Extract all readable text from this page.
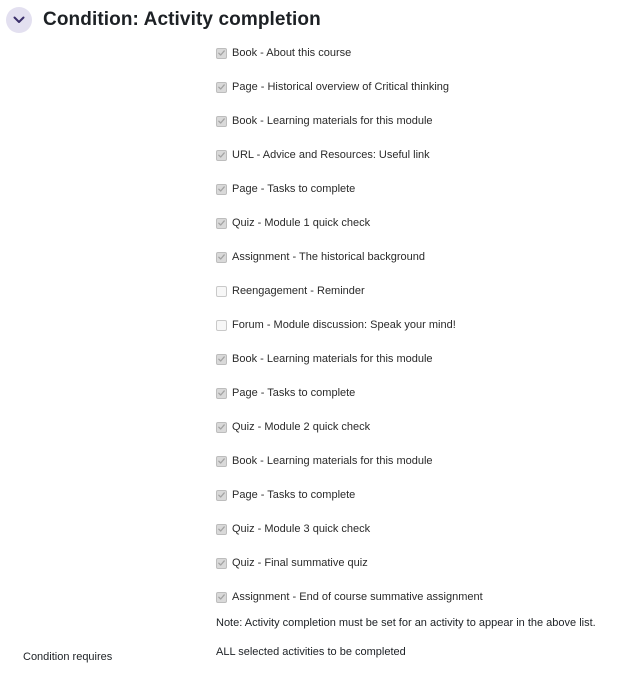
Condition: Activity completion
Book - About this course
Page - Historical overview of Critical thinking
Book - Learning materials for this module
URL - Advice and Resources: Useful link
Page - Tasks to complete
Quiz - Module 1 quick check
Assignment - The historical background
Reengagement - Reminder
Forum - Module discussion: Speak your mind!
Book - Learning materials for this module
Page - Tasks to complete
Quiz - Module 2 quick check
Book - Learning materials for this module
Page - Tasks to complete
Quiz - Module 3 quick check
Quiz - Final summative quiz
Assignment - End of course summative assignment
Note: Activity completion must be set for an activity to appear in the above list.
Condition requires	ALL selected activities to be completed
